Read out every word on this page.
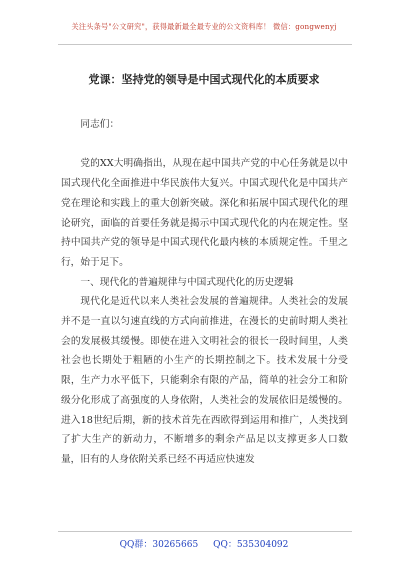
关注头条号"公文研究"，获得最新最全最专业的公文资料库！ 微信：gongwenyj
党课：坚持党的领导是中国式现代化的本质要求

同志们：

党的XX大明确指出，从现在起中国共产党的中心任务就是以中国式现代化全面推进中华民族伟大复兴。中国式现代化是中国共产党在理论和实践上的重大创新突破。深化和拓展中国式现代化的理论研究，面临的首要任务就是揭示中国式现代化的内在规定性。坚持中国共产党的领导是中国式现代化最内核的本质规定性。千里之行，始于足下。

一、现代化的普遍规律与中国式现代化的历史逻辑

现代化是近代以来人类社会发展的普遍规律。人类社会的发展并不是一直以匀速直线的方式向前推进，在漫长的史前时期人类社会的发展极其缓慢。即使在进入文明社会的很长一段时间里，人类社会也长期处于粗陋的小生产的长期控制之下。技术发展十分受限，生产力水平低下，只能剩余有限的产品，简单的社会分工和阶级分化形成了高强度的人身依附，人类社会的发展依旧是缓慢的。进入18世纪后期，新的技术首先在西欧得到运用和推广，人类找到了扩大生产的新动力，不断增多的剩余产品足以支撑更多人口数量，旧有的人身依附关系已经不再适应快速发

QQ群：30265665 QQ：535304092
